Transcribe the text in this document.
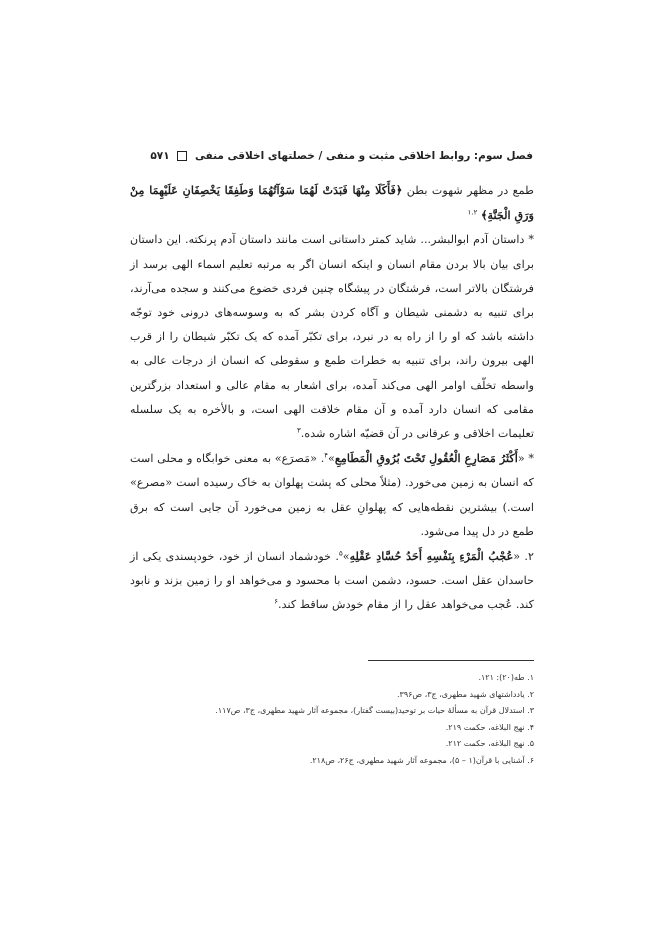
فصل سوم: روابط اخلاقی مثبت و منفی / خصلتهای اخلاقی منفی  ۵۷۱

طمع در مظهر شهوت بطن ﴿فَأَكَلَا مِنْهَا فَبَدَتْ لَهُمَا سَوْآتُهُمَا وَطَفِقَا يَخْصِفَانِ عَلَيْهِمَا مِنْ وَرَقِ الْجَنَّةِ﴾ $^{۱.۲}$

* داستان آدم ابوالبشر... شاید کمتر داستانی است مانند داستان آدم پرنکته. این داستان برای بیان بالا بردن مقام انسان و اینکه انسان اگر به مرتبه تعلیم اسماء الهی برسد از فرشتگان بالاتر است، فرشتگان در پیشگاه چنین فردی خضوع می‌کنند و سجده می‌آرند، برای تنبیه به دشمنی شیطان و آگاه کردن بشر که به وسوسه‌های درونی خود توجّه داشته باشد که او را از راه به در نبرد، برای تکبّر آمده که یک تکبّر شیطان را از قرب الهی بیرون راند، برای تنبیه به خطرات طمع و سقوطی که انسان از درجات عالی به واسطه تخلّف اوامر الهی می‌کند آمده، برای اشعار به مقام عالی و استعداد بزرگترین مقامی که انسان دارد آمده و آن مقام خلافت الهی است، و بالأخره به یک سلسله تعلیمات اخلاقی و عرفانی در آن قضیّه اشاره شده.$^۳$

* «أَكْثَرُ مَصَارِعِ الْعُقُولِ تَحْتَ بُرُوقِ الْمَطَامِعِ»$^۴$. «مَصرَع» به معنی خوابگاه و محلی است که انسان به زمین می‌خورد. (مثلاً محلی که پشت پهلوان به خاک رسیده است «مصرع» است.) بیشترین نقطه‌هایی که پهلوانِ عقل به زمین می‌خورد آن جایی است که برق طمع در دل پیدا می‌شود.

۲. «عُجْبُ الْمَرْءِ بِنَفْسِهِ أَحَدُ حُسَّادِ عَقْلِهِ»$^۵$. خودشماد انسان از خود، خودپسندی یکی از حاسدان عقل است. حسود، دشمن است با محسود و می‌خواهد او را زمین بزند و نابود کند. عُجب می‌خواهد عقل را از مقام خودش ساقط کند.$^۶$

۱. طه(۲۰): ۱۲۱.
۲. یادداشتهای شهید مطهری، ج۳، ص۳۹۶.
۳. استدلال قرآن به مسألهٔ حیات بر توحید(بیست گفتار)، مجموعه آثار شهید مطهری، ج۳، ص۱۱۷.
۴. نهج البلاغه، حکمت ۲۱۹.
۵. نهج البلاغه، حکمت ۲۱۲.
۶. آشنایی با قرآن(۱ – ۵)، مجموعه آثار شهید مطهری، ج۲۶، ص۲۱۸.
